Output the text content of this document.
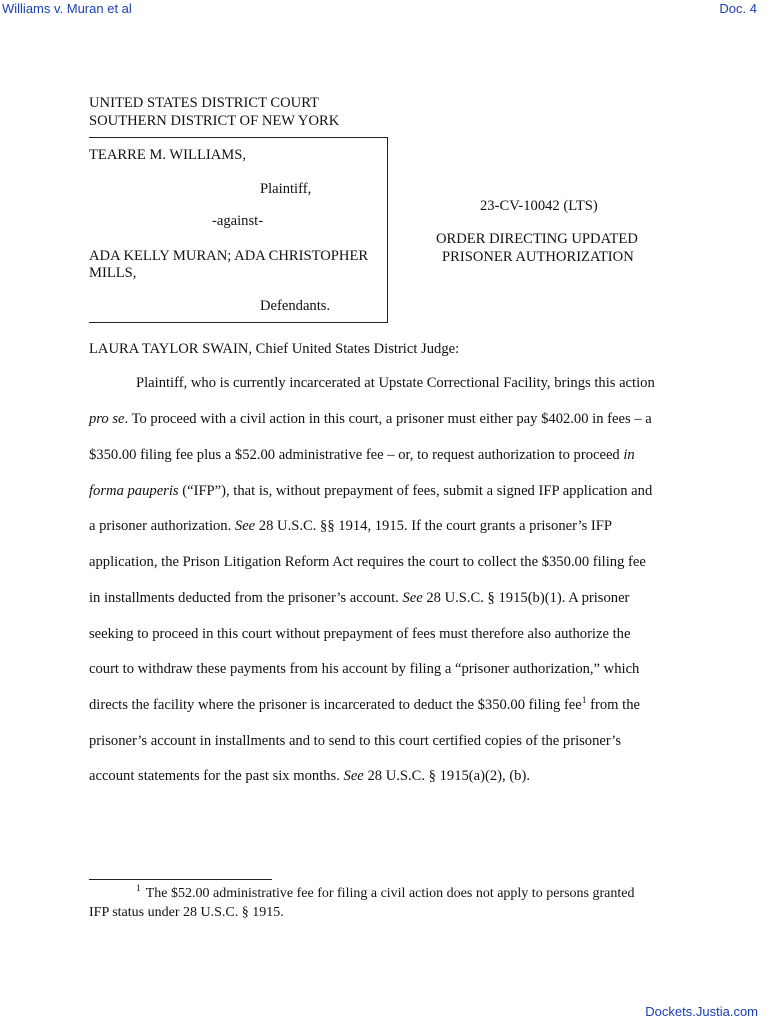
Williams v. Muran et al	Doc. 4
UNITED STATES DISTRICT COURT
SOUTHERN DISTRICT OF NEW YORK
TEARRE M. WILLIAMS,
Plaintiff,
-against-
ADA KELLY MURAN; ADA CHRISTOPHER
MILLS,
Defendants.
23-CV-10042 (LTS)
ORDER DIRECTING UPDATED
PRISONER AUTHORIZATION
LAURA TAYLOR SWAIN, Chief United States District Judge:
Plaintiff, who is currently incarcerated at Upstate Correctional Facility, brings this action
pro se. To proceed with a civil action in this court, a prisoner must either pay $402.00 in fees – a
$350.00 filing fee plus a $52.00 administrative fee – or, to request authorization to proceed in
forma pauperis (“IFP”), that is, without prepayment of fees, submit a signed IFP application and
a prisoner authorization. See 28 U.S.C. §§ 1914, 1915. If the court grants a prisoner’s IFP
application, the Prison Litigation Reform Act requires the court to collect the $350.00 filing fee
in installments deducted from the prisoner’s account. See 28 U.S.C. § 1915(b)(1). A prisoner
seeking to proceed in this court without prepayment of fees must therefore also authorize the
court to withdraw these payments from his account by filing a “prisoner authorization,” which
directs the facility where the prisoner is incarcerated to deduct the $350.00 filing fee$^1$ from the
prisoner’s account in installments and to send to this court certified copies of the prisoner’s
account statements for the past six months. See 28 U.S.C. § 1915(a)(2), (b).
$^1$ The $52.00 administrative fee for filing a civil action does not apply to persons granted
IFP status under 28 U.S.C. § 1915.
Dockets.Justia.com
